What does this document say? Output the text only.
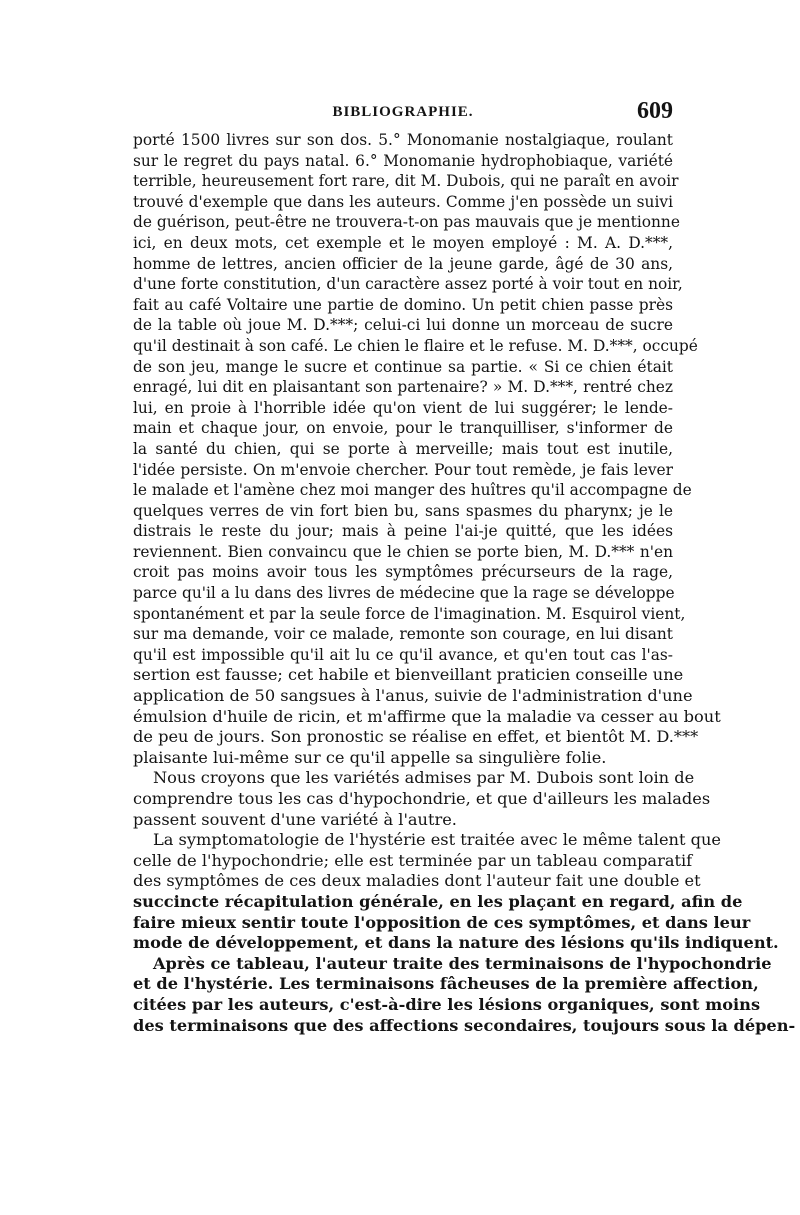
BIBLIOGRAPHIE.	609
porté 1500 livres sur son dos. 5.° Monomanie nostalgiaque, roulant
sur le regret du pays natal. 6.° Monomanie hydrophobiaque, variété
terrible, heureusement fort rare, dit M. Dubois, qui ne paraît en avoir
trouvé d'exemple que dans les auteurs. Comme j'en possède un suivi
de guérison, peut-être ne trouvera-t-on pas mauvais que je mentionne
ici, en deux mots, cet exemple et le moyen employé : M. A. D.***,
homme de lettres, ancien officier de la jeune garde, âgé de 30 ans,
d'une forte constitution, d'un caractère assez porté à voir tout en noir,
fait au café Voltaire une partie de domino. Un petit chien passe près
de la table où joue M. D.***; celui-ci lui donne un morceau de sucre
qu'il destinait à son café. Le chien le flaire et le refuse. M. D.***, occupé
de son jeu, mange le sucre et continue sa partie. « Si ce chien était
enragé, lui dit en plaisantant son partenaire? » M. D.***, rentré chez
lui, en proie à l'horrible idée qu'on vient de lui suggérer; le lende-
main et chaque jour, on envoie, pour le tranquilliser, s'informer de
la santé du chien, qui se porte à merveille; mais tout est inutile,
l'idée persiste. On m'envoie chercher. Pour tout remède, je fais lever
le malade et l'amène chez moi manger des huîtres qu'il accompagne de
quelques verres de vin fort bien bu, sans spasmes du pharynx; je le
distrais le reste du jour; mais à peine l'ai-je quitté, que les idées
reviennent. Bien convaincu que le chien se porte bien, M. D.*** n'en
croit pas moins avoir tous les symptômes précurseurs de la rage,
parce qu'il a lu dans des livres de médecine que la rage se développe
spontanément et par la seule force de l'imagination. M. Esquirol vient,
sur ma demande, voir ce malade, remonte son courage, en lui disant
qu'il est impossible qu'il ait lu ce qu'il avance, et qu'en tout cas l'as-
sertion est fausse; cet habile et bienveillant praticien conseille une
application de 50 sangsues à l'anus, suivie de l'administration d'une
émulsion d'huile de ricin, et m'affirme que la maladie va cesser au bout
de peu de jours. Son pronostic se réalise en effet, et bientôt M. D.***
plaisante lui-même sur ce qu'il appelle sa singulière folie.
Nous croyons que les variétés admises par M. Dubois sont loin de
comprendre tous les cas d'hypochondrie, et que d'ailleurs les malades
passent souvent d'une variété à l'autre.
La symptomatologie de l'hystérie est traitée avec le même talent que
celle de l'hypochondrie; elle est terminée par un tableau comparatif
des symptômes de ces deux maladies dont l'auteur fait une double et
succincte récapitulation générale, en les plaçant en regard, afin de
faire mieux sentir toute l'opposition de ces symptômes, et dans leur
mode de développement, et dans la nature des lésions qu'ils indiquent.
Après ce tableau, l'auteur traite des terminaisons de l'hypochondrie
et de l'hystérie. Les terminaisons fâcheuses de la première affection,
citées par les auteurs, c'est-à-dire les lésions organiques, sont moins
des terminaisons que des affections secondaires, toujours sous la dépen-
